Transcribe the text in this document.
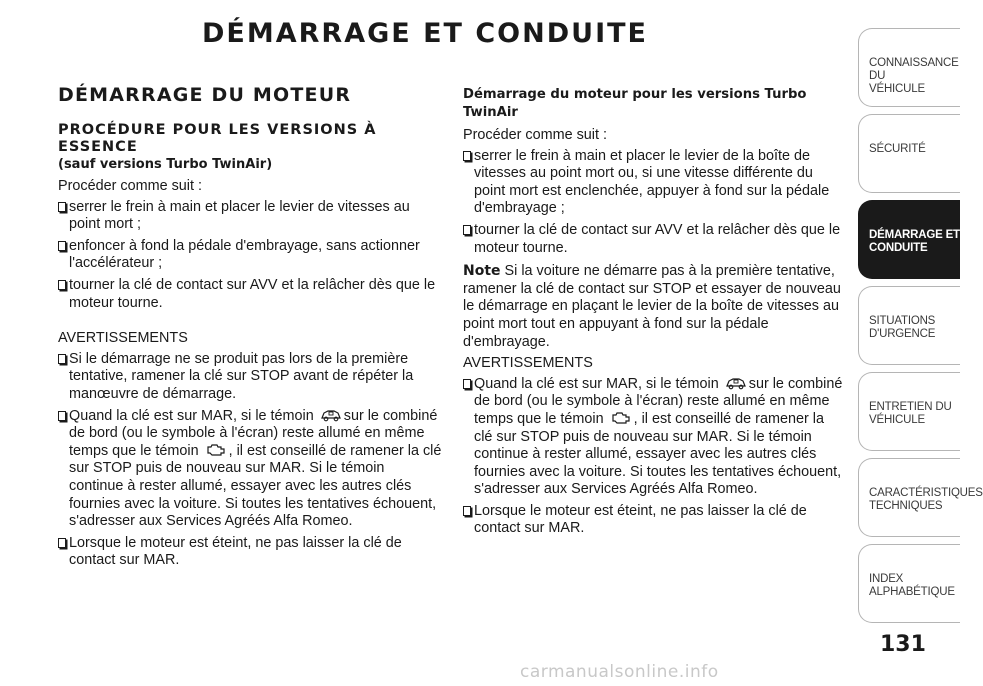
DÉMARRAGE ET CONDUITE
DÉMARRAGE DU MOTEUR
PROCÉDURE POUR LES VERSIONS À ESSENCE
(sauf versions Turbo TwinAir)

Procéder comme suit :

serrer le frein à main et placer le levier de vitesses au point mort ;
enfoncer à fond la pédale d'embrayage, sans actionner l'accélérateur ;
tourner la clé de contact sur AVV et la relâcher dès que le moteur tourne.

AVERTISSEMENTS

Si le démarrage ne se produit pas lors de la première tentative, ramener la clé sur STOP avant de répéter la manœuvre de démarrage.
Quand la clé est sur MAR, si le témoin sur le combiné de bord (ou le symbole à l'écran) reste allumé en même temps que le témoin , il est conseillé de ramener la clé sur STOP puis de nouveau sur MAR. Si le témoin continue à rester allumé, essayer avec les autres clés fournies avec la voiture. Si toutes les tentatives échouent, s'adresser aux Services Agréés Alfa Romeo.
Lorsque le moteur est éteint, ne pas laisser la clé de contact sur MAR.
Démarrage du moteur pour les versions Turbo TwinAir

Procéder comme suit :

serrer le frein à main et placer le levier de la boîte de vitesses au point mort ou, si une vitesse différente du point mort est enclenchée, appuyer à fond sur la pédale d'embrayage ;
tourner la clé de contact sur AVV et la relâcher dès que le moteur tourne.

Note Si la voiture ne démarre pas à la première tentative, ramener la clé de contact sur STOP et essayer de nouveau le démarrage en plaçant le levier de la boîte de vitesses au point mort tout en appuyant à fond sur la pédale d'embrayage.

AVERTISSEMENTS

Quand la clé est sur MAR, si le témoin sur le combiné de bord (ou le symbole à l'écran) reste allumé en même temps que le témoin , il est conseillé de ramener la clé sur STOP puis de nouveau sur MAR. Si le témoin continue à rester allumé, essayer avec les autres clés fournies avec la voiture. Si toutes les tentatives échouent, s'adresser aux Services Agréés Alfa Romeo.
Lorsque le moteur est éteint, ne pas laisser la clé de contact sur MAR.
CONNAISSANCE DU
VÉHICULE
SÉCURITÉ
DÉMARRAGE ET
CONDUITE
SITUATIONS
D'URGENCE
ENTRETIEN DU
VÉHICULE
CARACTÉRISTIQUES
TECHNIQUES
INDEX
ALPHABÉTIQUE
131
carmanualsonline.info
